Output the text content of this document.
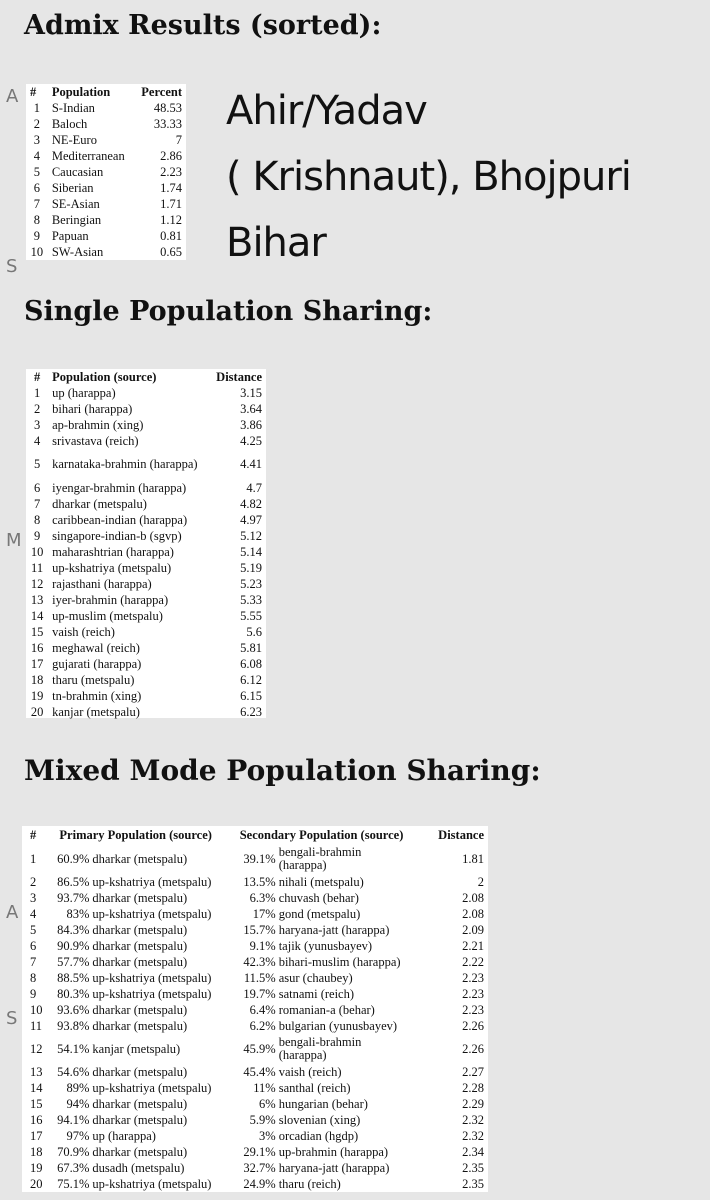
A
S
M
A
S
Admix Results (sorted):
#	Population	Percent
1	S-Indian	48.53
2	Baloch	33.33
3	NE-Euro	7
4	Mediterranean	2.86
5	Caucasian	2.23
6	Siberian	1.74
7	SE-Asian	1.71
8	Beringian	1.12
9	Papuan	0.81
10	SW-Asian	0.65
Ahir/Yadav
( Krishnaut), Bhojpuri
Bihar
Single Population Sharing:
#	Population (source)	Distance
1	up (harappa)	3.15
2	bihari (harappa)	3.64
3	ap-brahmin (xing)	3.86
4	srivastava (reich)	4.25
5	karnataka-brahmin (harappa)	4.41
6	iyengar-brahmin (harappa)	4.7
7	dharkar (metspalu)	4.82
8	caribbean-indian (harappa)	4.97
9	singapore-indian-b (sgvp)	5.12
10	maharashtrian (harappa)	5.14
11	up-kshatriya (metspalu)	5.19
12	rajasthani (harappa)	5.23
13	iyer-brahmin (harappa)	5.33
14	up-muslim (metspalu)	5.55
15	vaish (reich)	5.6
16	meghawal (reich)	5.81
17	gujarati (harappa)	6.08
18	tharu (metspalu)	6.12
19	tn-brahmin (xing)	6.15
20	kanjar (metspalu)	6.23
Mixed Mode Population Sharing:
#	Primary Population (source)	Secondary Population (source)	Distance
1	60.9% dharkar (metspalu)	39.1% bengali-brahmin (harappa)	1.81
2	86.5% up-kshatriya (metspalu)	13.5% nihali (metspalu)	2
3	93.7% dharkar (metspalu)	6.3% chuvash (behar)	2.08
4	83% up-kshatriya (metspalu)	17% gond (metspalu)	2.08
5	84.3% dharkar (metspalu)	15.7% haryana-jatt (harappa)	2.09
6	90.9% dharkar (metspalu)	9.1% tajik (yunusbayev)	2.21
7	57.7% dharkar (metspalu)	42.3% bihari-muslim (harappa)	2.22
8	88.5% up-kshatriya (metspalu)	11.5% asur (chaubey)	2.23
9	80.3% up-kshatriya (metspalu)	19.7% satnami (reich)	2.23
10	93.6% dharkar (metspalu)	6.4% romanian-a (behar)	2.23
11	93.8% dharkar (metspalu)	6.2% bulgarian (yunusbayev)	2.26
12	54.1% kanjar (metspalu)	45.9% bengali-brahmin (harappa)	2.26
13	54.6% dharkar (metspalu)	45.4% vaish (reich)	2.27
14	89% up-kshatriya (metspalu)	11% santhal (reich)	2.28
15	94% dharkar (metspalu)	6% hungarian (behar)	2.29
16	94.1% dharkar (metspalu)	5.9% slovenian (xing)	2.32
17	97% up (harappa)	3% orcadian (hgdp)	2.32
18	70.9% dharkar (metspalu)	29.1% up-brahmin (harappa)	2.34
19	67.3% dusadh (metspalu)	32.7% haryana-jatt (harappa)	2.35
20	75.1% up-kshatriya (metspalu)	24.9% tharu (reich)	2.35
